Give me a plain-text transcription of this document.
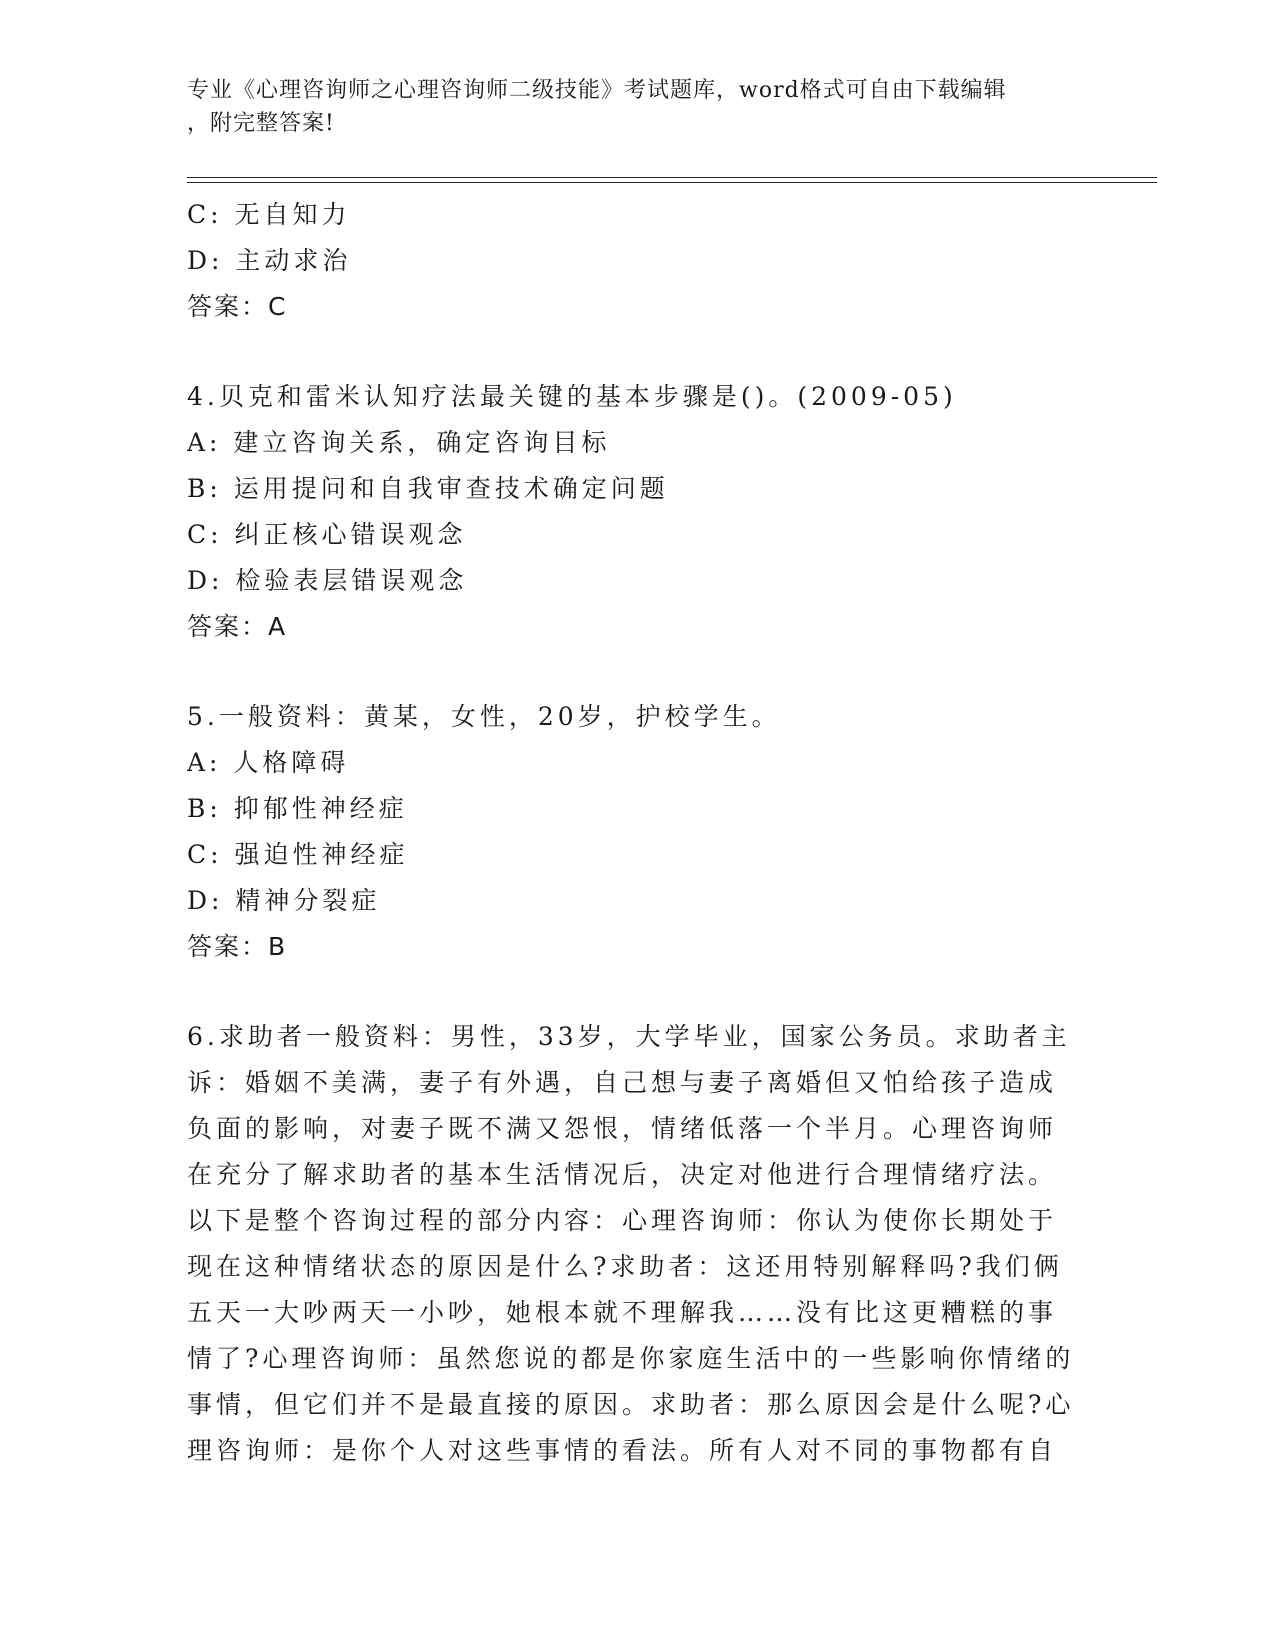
专业《心理咨询师之心理咨询师二级技能》考试题库，word格式可自由下载编辑
，附完整答案!
C: 无自知力
D: 主动求治
答案：C
4.贝克和雷米认知疗法最关键的基本步骤是()。(2009-05)
A: 建立咨询关系，确定咨询目标
B: 运用提问和自我审查技术确定问题
C: 纠正核心错误观念
D: 检验表层错误观念
答案：A
5.一般资料：黄某，女性，20岁，护校学生。
A: 人格障碍
B: 抑郁性神经症
C: 强迫性神经症
D: 精神分裂症
答案：B
6.求助者一般资料：男性，33岁，大学毕业，国家公务员。求助者主
诉：婚姻不美满，妻子有外遇，自己想与妻子离婚但又怕给孩子造成
负面的影响，对妻子既不满又怨恨，情绪低落一个半月。心理咨询师
在充分了解求助者的基本生活情况后，决定对他进行合理情绪疗法。
以下是整个咨询过程的部分内容：心理咨询师：你认为使你长期处于
现在这种情绪状态的原因是什么?求助者：这还用特别解释吗?我们俩
五天一大吵两天一小吵，她根本就不理解我……没有比这更糟糕的事
情了?心理咨询师：虽然您说的都是你家庭生活中的一些影响你情绪的
事情，但它们并不是最直接的原因。求助者：那么原因会是什么呢?心
理咨询师：是你个人对这些事情的看法。所有人对不同的事物都有自
